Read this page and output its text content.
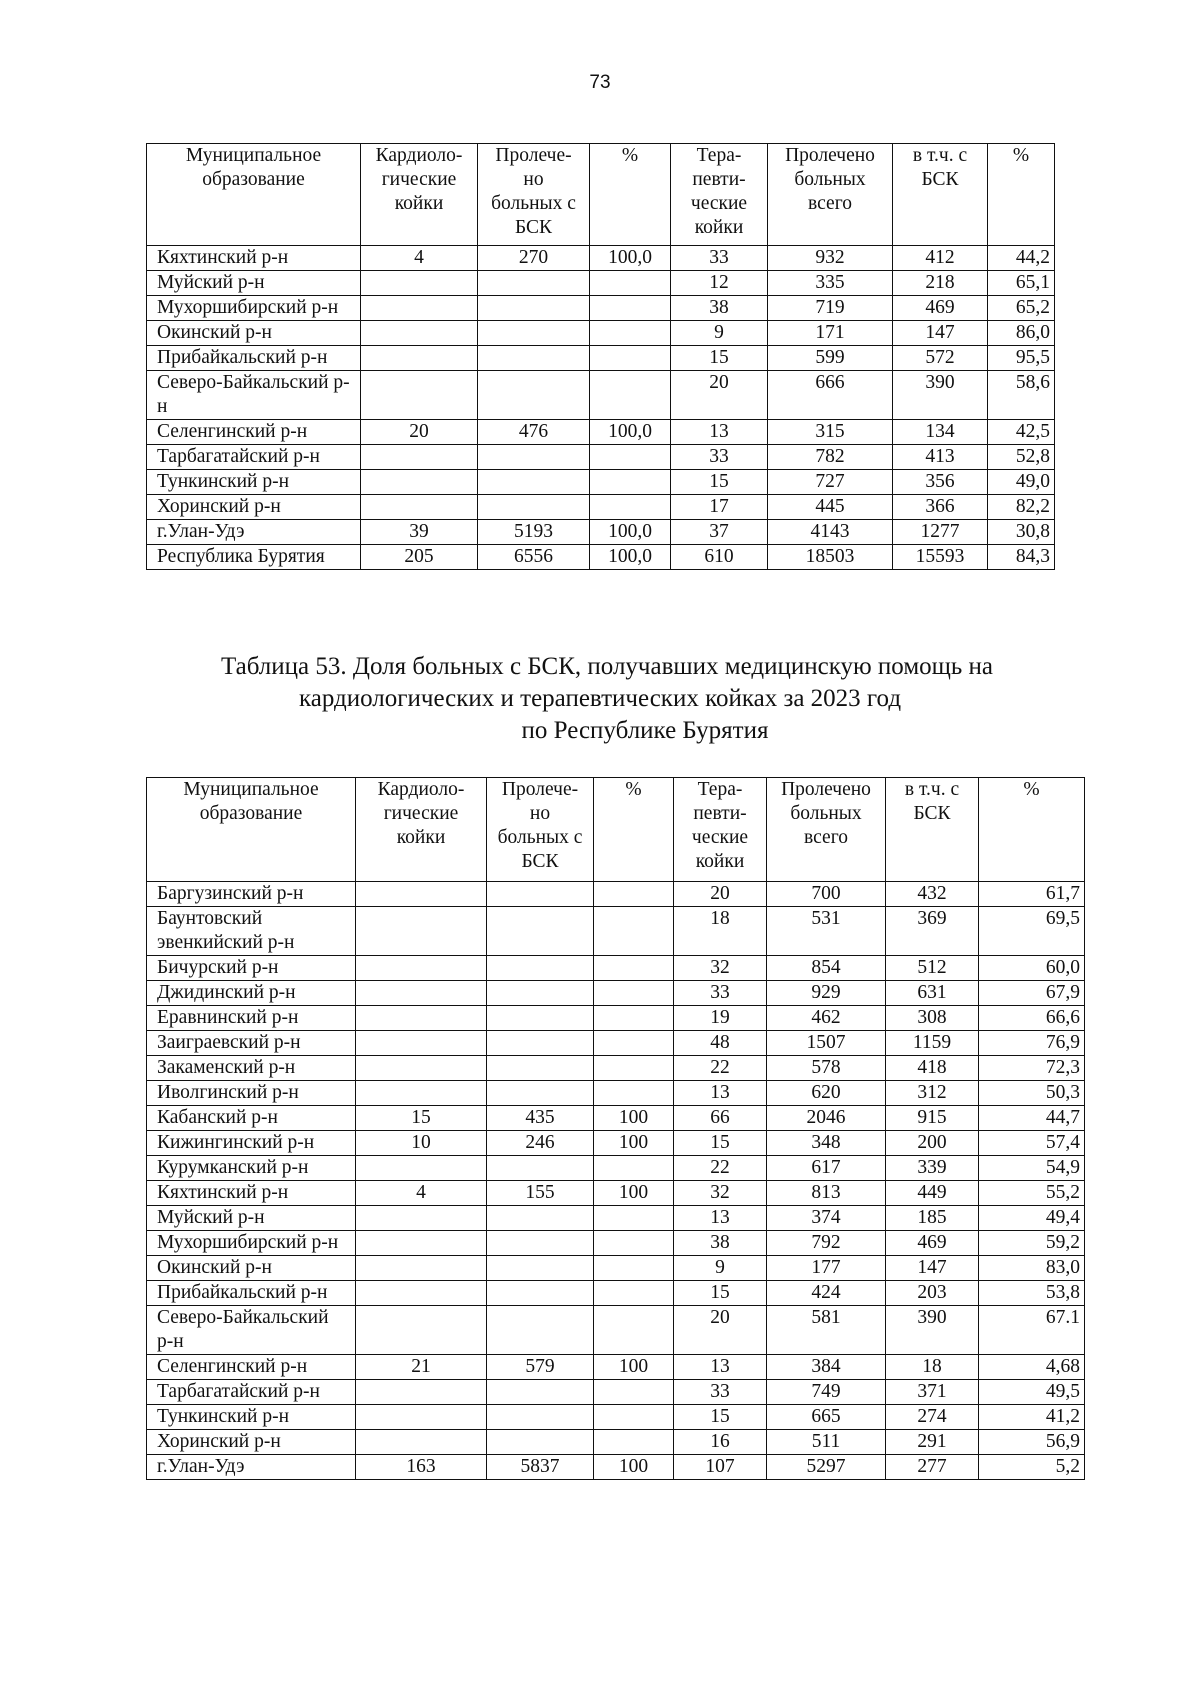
73
Муниципальное образование	Кардиоло-гические койки	Пролече-но больных с БСК	%	Тера-певти-ческие койки	Пролечено больных всего	в т.ч. с БСК	%
Кяхтинский р-н	4	270	100,0	33	932	412	44,2
Муйский р-н				12	335	218	65,1
Мухоршибирский р-н				38	719	469	65,2
Окинский р-н				9	171	147	86,0
Прибайкальский р-н				15	599	572	95,5
Северо-Байкальский р-н				20	666	390	58,6
Селенгинский р-н	20	476	100,0	13	315	134	42,5
Тарбагатайский р-н				33	782	413	52,8
Тункинский р-н				15	727	356	49,0
Хоринский р-н				17	445	366	82,2
г.Улан-Удэ	39	5193	100,0	37	4143	1277	30,8
Республика Бурятия	205	6556	100,0	610	18503	15593	84,3
Таблица 53. Доля больных с БСК, получавших медицинскую помощь на
кардиологических и терапевтических койках за 2023 год
по Республике Бурятия
Муниципальное образование	Кардиоло-гические койки	Пролече-но больных с БСК	%	Тера-певти-ческие койки	Пролечено больных всего	в т.ч. с БСК	%
Баргузинский р-н				20	700	432	61,7
Баунтовский эвенкийский р-н				18	531	369	69,5
Бичурский р-н				32	854	512	60,0
Джидинский р-н				33	929	631	67,9
Еравнинский р-н				19	462	308	66,6
Заиграевский р-н				48	1507	1159	76,9
Закаменский р-н				22	578	418	72,3
Иволгинский р-н				13	620	312	50,3
Кабанский р-н	15	435	100	66	2046	915	44,7
Кижингинский р-н	10	246	100	15	348	200	57,4
Курумканский р-н				22	617	339	54,9
Кяхтинский р-н	4	155	100	32	813	449	55,2
Муйский р-н				13	374	185	49,4
Мухоршибирский р-н				38	792	469	59,2
Окинский р-н				9	177	147	83,0
Прибайкальский р-н				15	424	203	53,8
Северо-Байкальский р-н				20	581	390	67.1
Селенгинский р-н	21	579	100	13	384	18	4,68
Тарбагатайский р-н				33	749	371	49,5
Тункинский р-н				15	665	274	41,2
Хоринский р-н				16	511	291	56,9
г.Улан-Удэ	163	5837	100	107	5297	277	5,2
